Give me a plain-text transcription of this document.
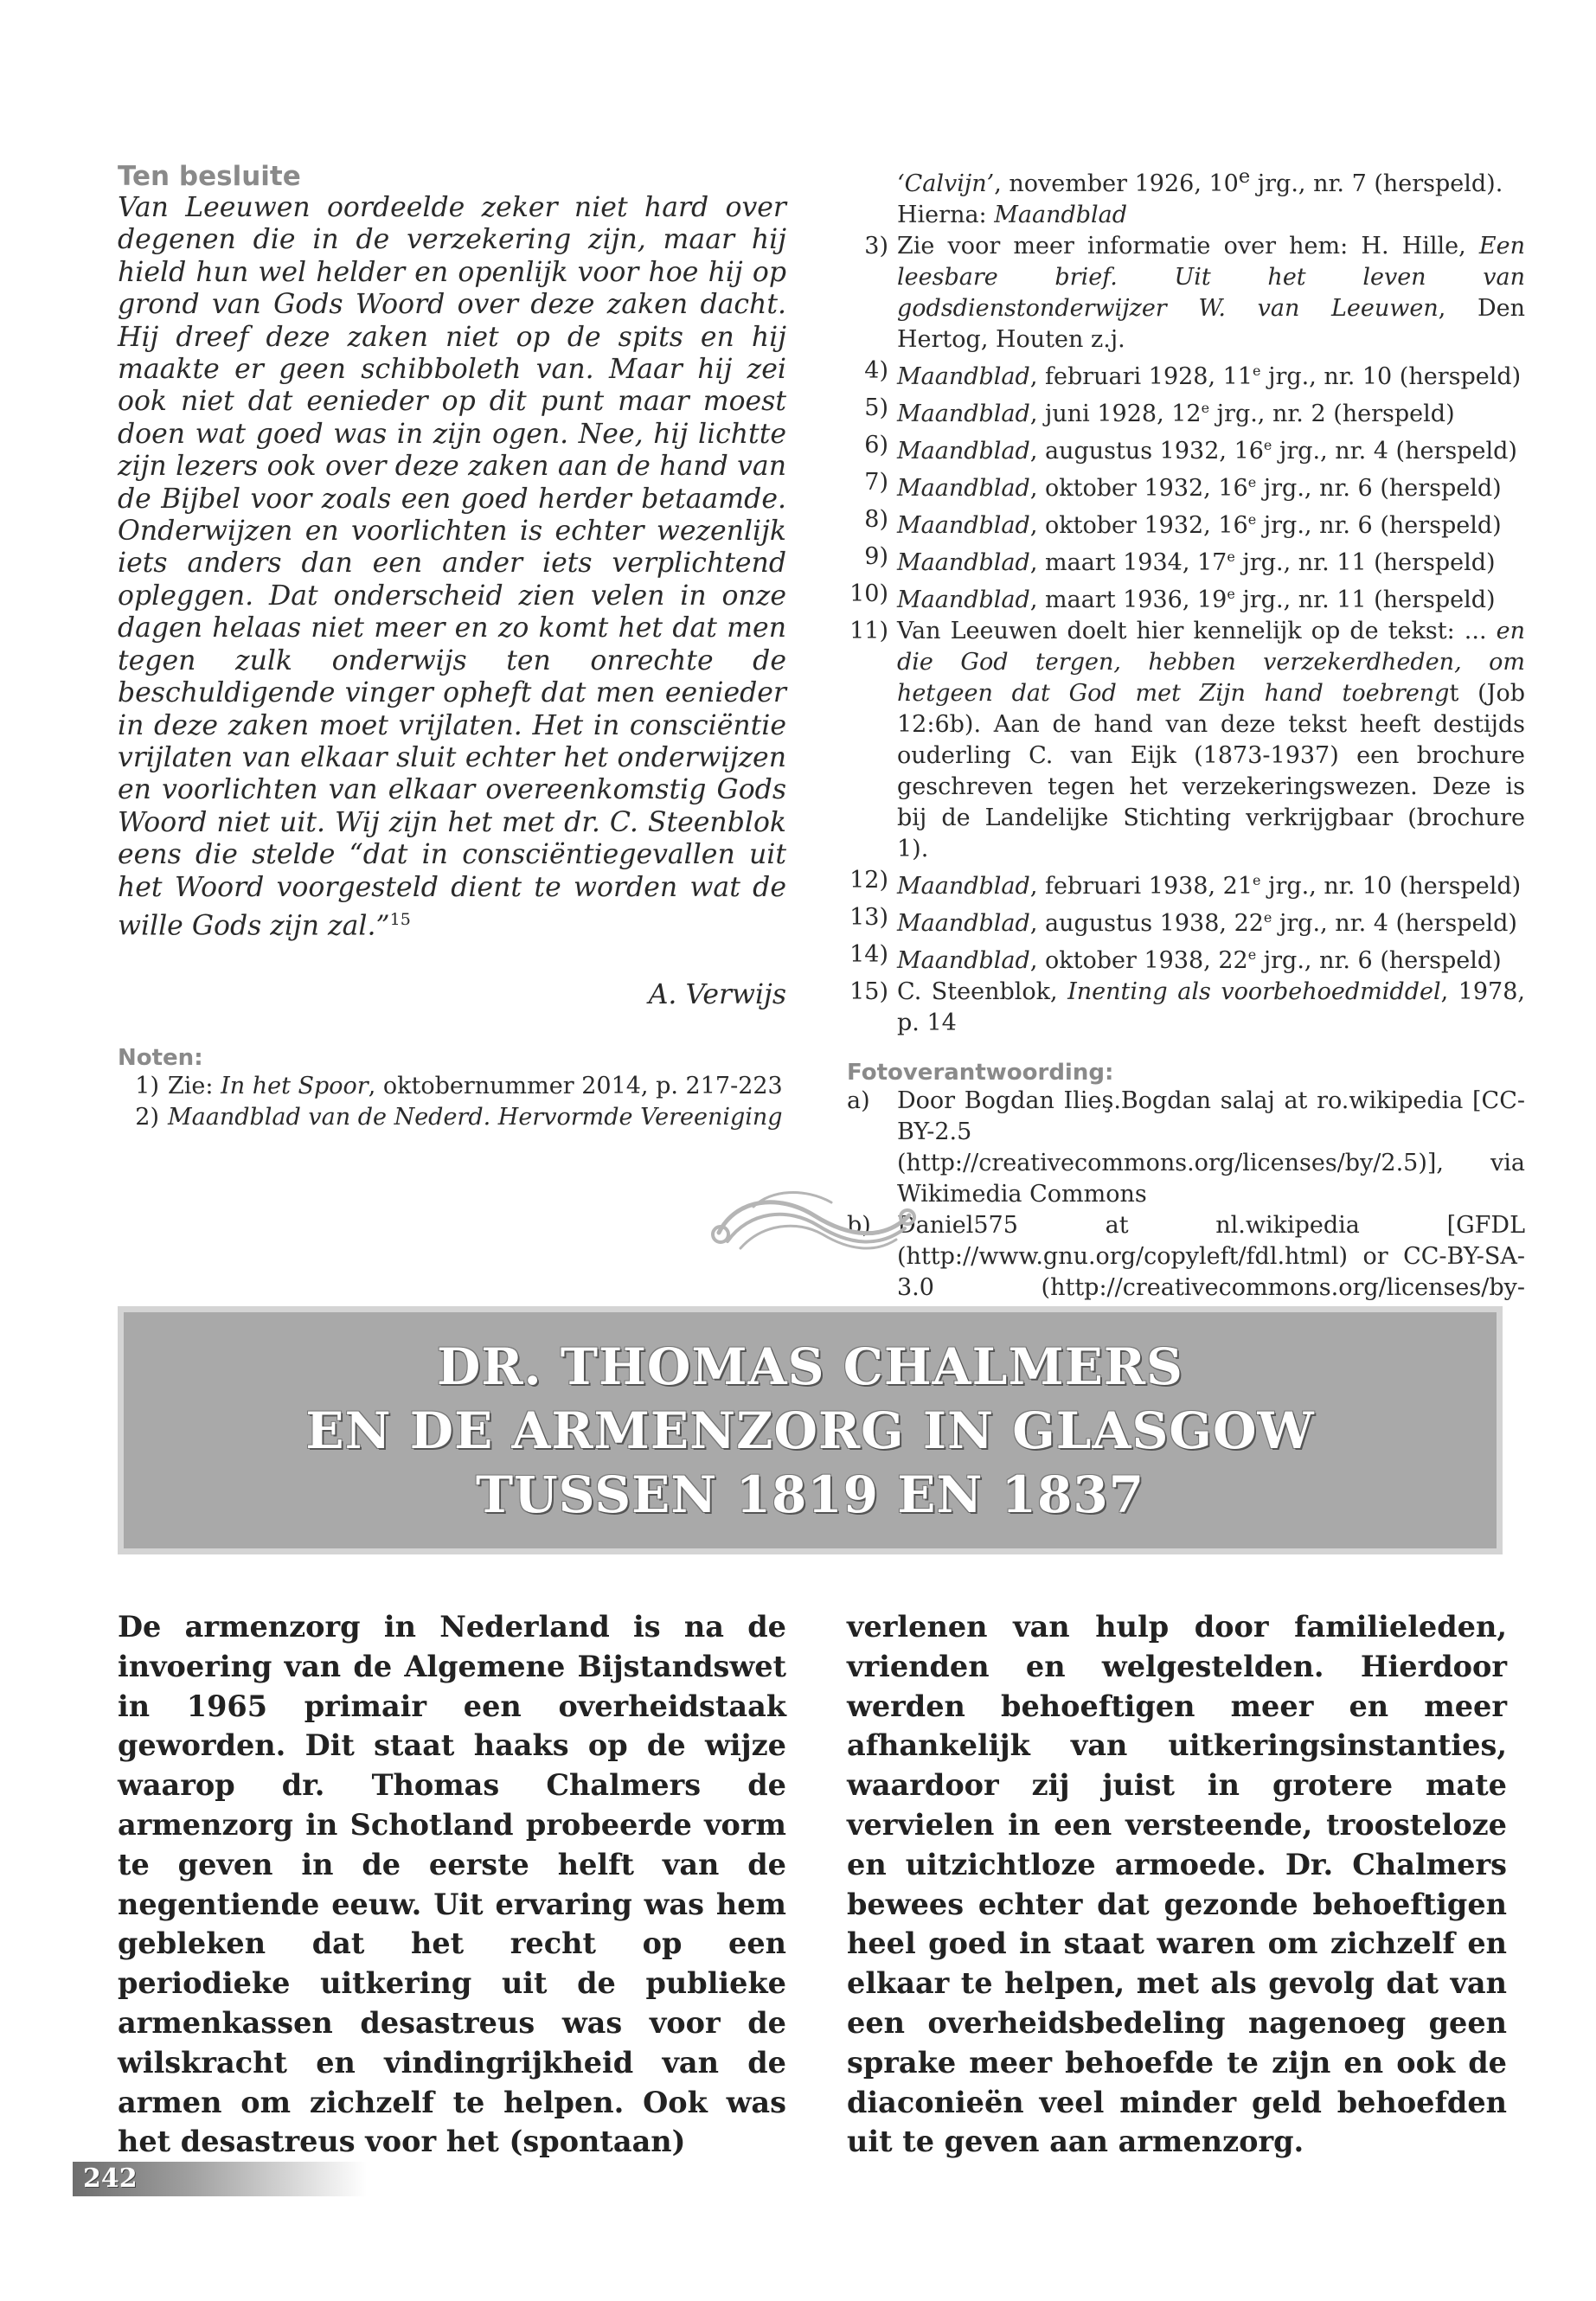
Ten besluite

Van Leeuwen oordeelde zeker niet hard over degenen die in de verzekering zijn, maar hij hield hun wel helder en openlijk voor hoe hij op grond van Gods Woord over deze zaken dacht. Hij dreef deze zaken niet op de spits en hij maakte er geen schibboleth van. Maar hij zei ook niet dat eenieder op dit punt maar moest doen wat goed was in zijn ogen. Nee, hij lichtte zijn lezers ook over deze zaken aan de hand van de Bijbel voor zoals een goed herder betaamde. Onderwijzen en voorlichten is echter wezenlijk iets anders dan een ander iets verplichtend opleggen. Dat onderscheid zien velen in onze dagen helaas niet meer en zo komt het dat men tegen zulk onderwijs ten onrechte de beschuldigende vinger opheft dat men eenieder in deze zaken moet vrijlaten. Het in consciëntie vrijlaten van elkaar sluit echter het onderwijzen en voorlichten van elkaar overeenkomstig Gods Woord niet uit. Wij zijn het met dr. C. Steenblok eens die stelde “dat in consciëntiegevallen uit het Woord voorgesteld dient te worden wat de wille Gods zijn zal.”$^{15}$

A. Verwijs
Noten:
1) Zie: In het Spoor, oktobernummer 2014, p. 217-223
2) Maandblad van de Nederd. Hervormde Vereeniging
‘Calvijn’, november 1926, 10e jrg., nr. 7 (herspeld). Hierna: Maandblad
3) Zie voor meer informatie over hem: H. Hille, Een leesbare brief. Uit het leven van godsdienstonderwijzer W. van Leeuwen, Den Hertog, Houten z.j.
4) Maandblad, februari 1928, 11e jrg., nr. 10 (herspeld)
5) Maandblad, juni 1928, 12e jrg., nr. 2 (herspeld)
6) Maandblad, augustus 1932, 16e jrg., nr. 4 (herspeld)
7) Maandblad, oktober 1932, 16e jrg., nr. 6 (herspeld)
8) Maandblad, oktober 1932, 16e jrg., nr. 6 (herspeld)
9) Maandblad, maart 1934, 17e jrg., nr. 11 (herspeld)
10) Maandblad, maart 1936, 19e jrg., nr. 11 (herspeld)
11) Van Leeuwen doelt hier kennelijk op de tekst: ... en die God tergen, hebben verzekerdheden, om hetgeen dat God met Zijn hand toebrengt (Job 12:6b). Aan de hand van deze tekst heeft destijds ouderling C. van Eijk (1873-1937) een brochure geschreven tegen het verzekeringswezen. Deze is bij de Landelijke Stichting verkrijgbaar (brochure 1).
12) Maandblad, februari 1938, 21e jrg., nr. 10 (herspeld)
13) Maandblad, augustus 1938, 22e jrg., nr. 4 (herspeld)
14) Maandblad, oktober 1938, 22e jrg., nr. 6 (herspeld)
15) C. Steenblok, Inenting als voorbehoedmiddel, 1978, p. 14
Fotoverantwoording:
a)	Door Bogdan Ilieş.Bogdan salaj at ro.wikipedia [CC-BY-2.5 (http://creativecommons.org/licenses/by/2.5)], via Wikimedia Commons
b)	Daniel575 at nl.wikipedia [GFDL (http://www.gnu.org/copyleft/fdl.html) or CC-BY-SA-3.0 (http://creativecommons.org/licenses/by-
DR. THOMAS CHALMERS
EN DE ARMENZORG IN GLASGOW
TUSSEN 1819 EN 1837

De armenzorg in Nederland is na de invoering van de Algemene Bijstandswet in 1965 primair een overheidstaak geworden. Dit staat haaks op de wijze waarop dr. Thomas Chalmers de armenzorg in Schotland probeerde vorm te geven in de eerste helft van de negentiende eeuw. Uit ervaring was hem gebleken dat het recht op een periodieke uitkering uit de publieke armenkassen desastreus was voor de wilskracht en vindingrijkheid van de armen om zichzelf te helpen. Ook was het desastreus voor het (spontaan)

verlenen van hulp door familieleden, vrienden en welgestelden. Hierdoor werden behoeftigen meer en meer afhankelijk van uitkeringsinstanties, waardoor zij juist in grotere mate vervielen in een versteende, troosteloze en uitzichtloze armoede. Dr. Chalmers bewees echter dat gezonde behoeftigen heel goed in staat waren om zichzelf en elkaar te helpen, met als gevolg dat van een overheidsbedeling nagenoeg geen sprake meer behoefde te zijn en ook de diaconieën veel minder geld behoefden uit te geven aan armenzorg.

242
